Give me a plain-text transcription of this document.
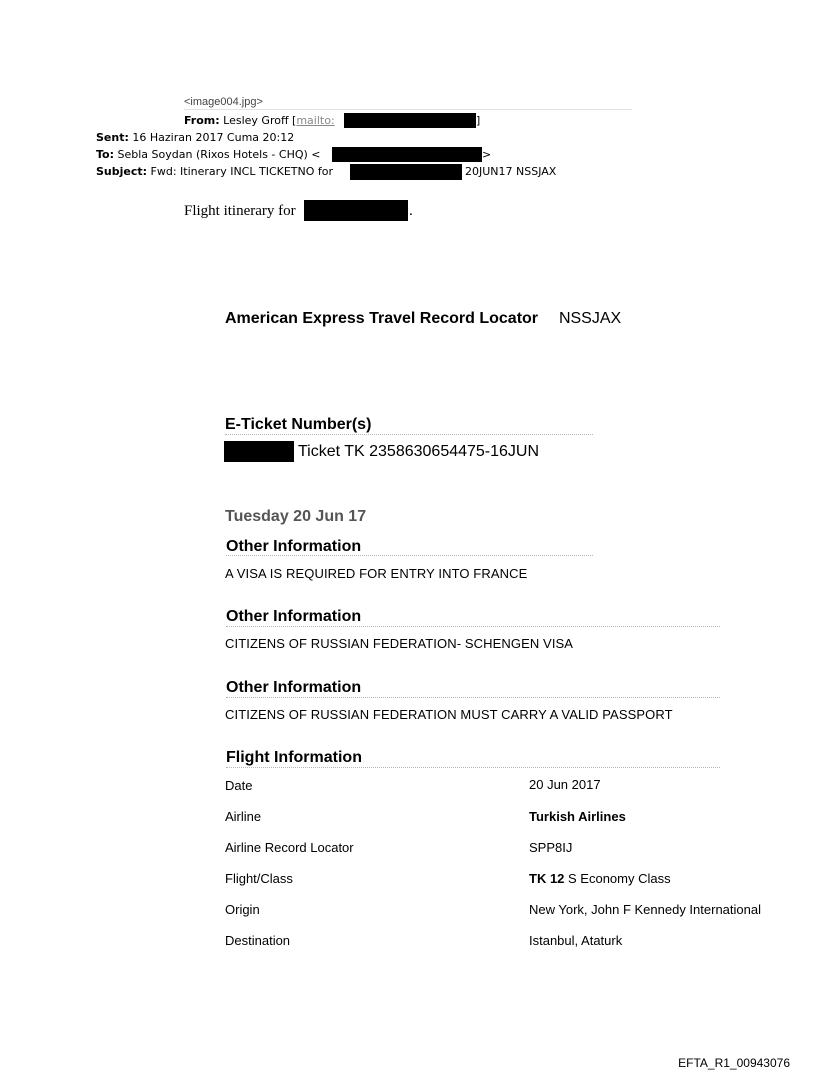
<image004.jpg>
From: Lesley Groff [mailto:	]
Sent: 16 Haziran 2017 Cuma 20:12
To: Sebla Soydan (Rixos Hotels - CHQ) <	>
Subject: Fwd: Itinerary INCL TICKETNO for	20JUN17 NSSJAX
Flight itinerary for	.
American Express Travel Record Locator NSSJAX
E-Ticket Number(s)
Ticket TK 2358630654475-16JUN
Tuesday 20 Jun 17
Other Information
A VISA IS REQUIRED FOR ENTRY INTO FRANCE
Other Information
CITIZENS OF RUSSIAN FEDERATION- SCHENGEN VISA
Other Information
CITIZENS OF RUSSIAN FEDERATION MUST CARRY A VALID PASSPORT
Flight Information
Date	20 Jun 2017
Airline	Turkish Airlines
Airline Record Locator	SPP8IJ
Flight/Class	TK 12 S Economy Class
Origin	New York, John F Kennedy International
Destination	Istanbul, Ataturk
EFTA_R1_00943076
